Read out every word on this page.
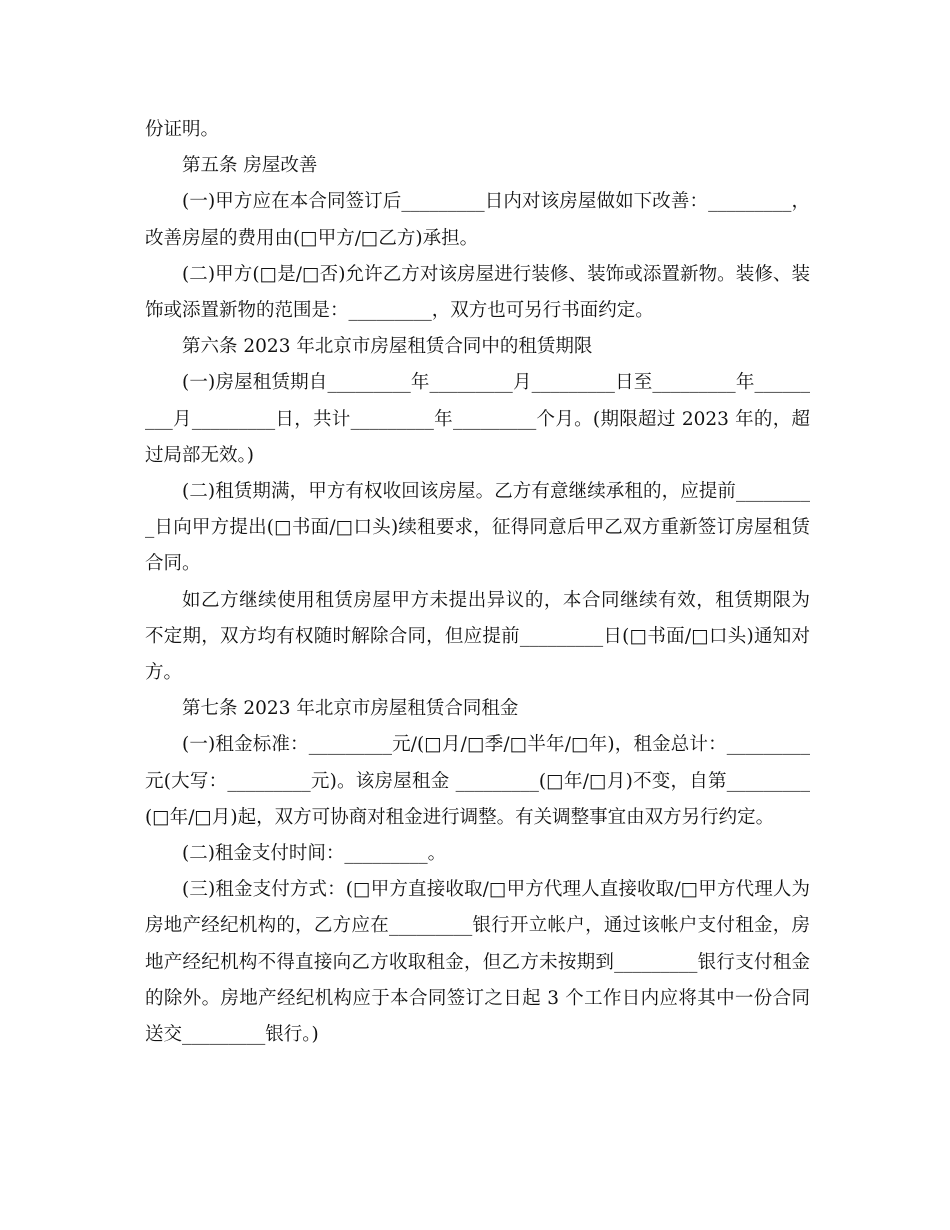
份证明。

第五条 房屋改善

(一)甲方应在本合同签订后_________日内对该房屋做如下改善：_________，改善房屋的费用由(□甲方/□乙方)承担。

(二)甲方(□是/□否)允许乙方对该房屋进行装修、装饰或添置新物。装修、装饰或添置新物的范围是：_________，双方也可另行书面约定。

第六条 2023 年北京市房屋租赁合同中的租赁期限

(一)房屋租赁期自_________年_________月_________日至_________年_________月_________日，共计_________年_________个月。(期限超过 2023 年的，超过局部无效。)

(二)租赁期满，甲方有权收回该房屋。乙方有意继续承租的，应提前_________日向甲方提出(□书面/□口头)续租要求，征得同意后甲乙双方重新签订房屋租赁合同。

如乙方继续使用租赁房屋甲方未提出异议的，本合同继续有效，租赁期限为不定期，双方均有权随时解除合同，但应提前_________日(□书面/□口头)通知对方。

第七条 2023 年北京市房屋租赁合同租金

(一)租金标准：_________元/(□月/□季/□半年/□年)，租金总计：_________元(大写：_________元)。该房屋租金 _________(□年/□月)不变，自第_________(□年/□月)起，双方可协商对租金进行调整。有关调整事宜由双方另行约定。

(二)租金支付时间：_________。

(三)租金支付方式：(□甲方直接收取/□甲方代理人直接收取/□甲方代理人为房地产经纪机构的，乙方应在_________银行开立帐户，通过该帐户支付租金，房地产经纪机构不得直接向乙方收取租金，但乙方未按期到_________银行支付租金的除外。房地产经纪机构应于本合同签订之日起 3 个工作日内应将其中一份合同送交_________银行。)
